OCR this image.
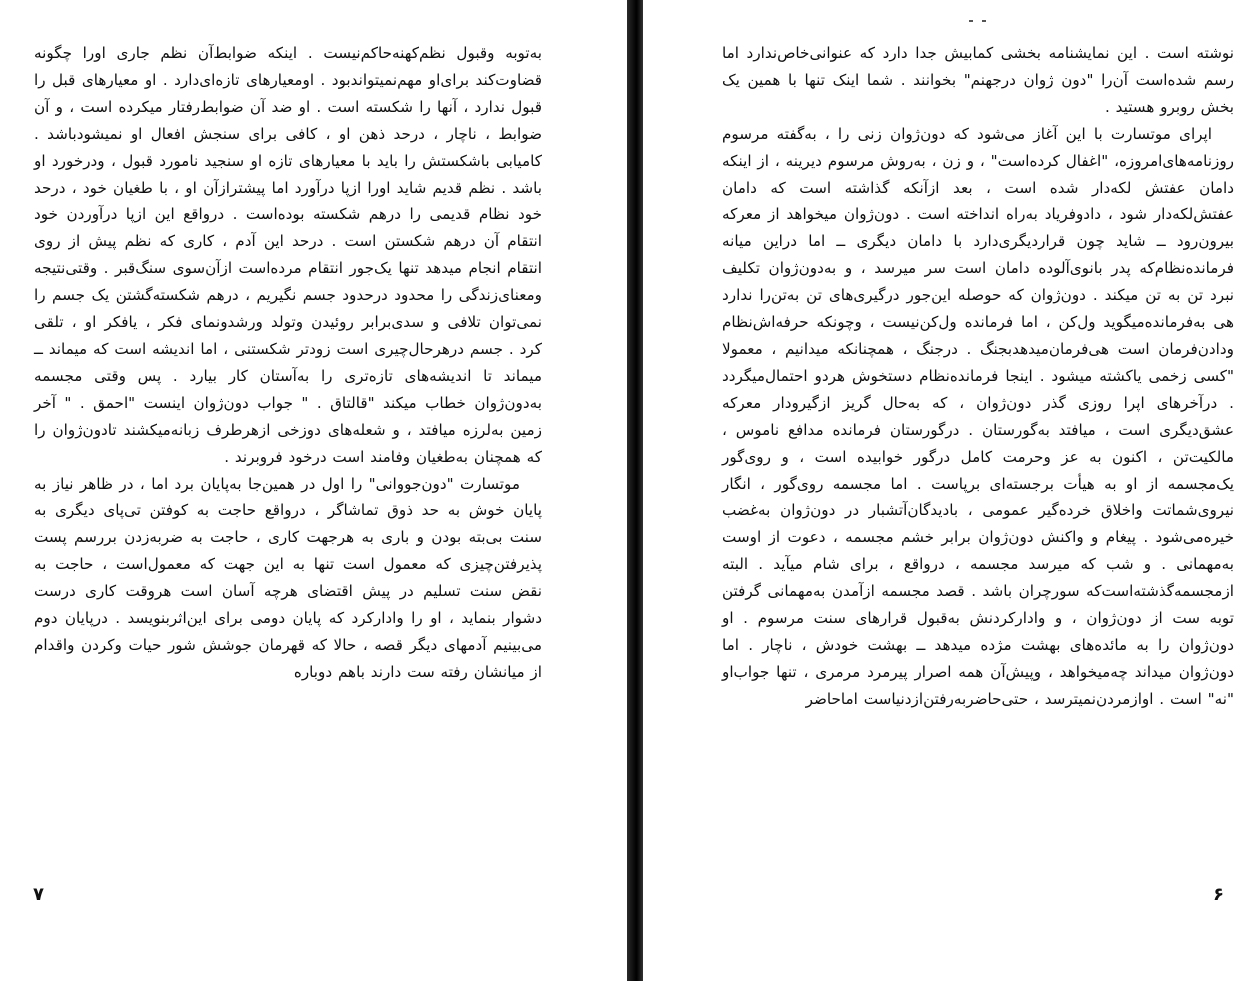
به‌توبه وقبول نظم‌کهنه‌حاکم‌نیست . اینکه ضوابط‌آن نظم جاری اورا چگونه قضاوت‌کند برای‌او مهم‌نمیتواندبود . اومعیارهای تازه‌ای‌دارد . او معیارهای قبل را قبول ندارد ، آنها را شکسته است . او ضد آن ضوابط‌رفتار میکرده است ، و آن ضوابط ، ناچار ، درحد ذهن او ، کافی برای سنجش افعال او نمیشودباشد . کامیابی باشکستش را باید با معیارهای تازه او سنجید نامورد قبول ، ودرخورد او باشد . نظم قدیم شاید اورا ازپا درآورد اما پیشترازآن او ، با طغیان خود ، درحد خود نظام قدیمی را درهم شکسته بوده‌است . درواقع این ازپا درآوردن خود انتقام آن درهم شکستن است . درحد این آدم ، کاری که نظم پیش از روی انتقام انجام میدهد تنها یک‌جور انتقام مرده‌است ازآن‌سوی سنگ‌قبر . وقتی‌نتیجه ومعنای‌زندگی را محدود درحدود جسم نگیریم ، درهم شکسته‌گشتن یک جسم را نمی‌توان تلافی و سدی‌برابر روئیدن وتولد ورشدونمای فکر ، یافکر او ، تلقی کرد . جسم درهرحال‌چیری است زودتر شکستنی ، اما اندیشه است که میماند ــ میماند تا اندیشه‌های تازه‌تری را به‌آستان کار بیارد . پس وقتی مجسمه به‌دون‌ژوان خطاب میکند "قالتاق . " جواب دون‌ژوان اینست "احمق . " آخر زمین به‌لرزه میافتد ، و شعله‌های دوزخی ازهرطرف زبانه‌میکشند تادون‌ژوان را که همچنان به‌طغیان وفامند است درخود فروبرند .

موتسارت "دون‌جووانی" را اول در همین‌جا به‌پایان برد اما ، در ظاهر نیاز به پایان خوش به حد ذوق تماشاگر ، درواقع حاجت به کوفتن تی‌پای دیگری به سنت بی‌بته بودن و باری به هرجهت کاری ، حاجت به ضربه‌زدن بررسم پست پذیرفتن‌چیزی که معمول است تنها به این جهت که معمول‌است ، حاجت به نقض سنت تسلیم در پیش اقتضای هرچه آسان است هروقت کاری درست دشوار بنماید ، او را وادارکرد که پایان دومی برای این‌اثربنویسد . درپایان دوم می‌بینیم آدمهای دیگر قصه ، حالا که قهرمان جوشش شور حیات وکردن واقدام از میانشان رفته ست دارند باهم دوباره

۷

نوشته است . این نمایشنامه بخشی کمابیش جدا دارد که عنوانی‌خاص‌ندارد اما رسم شده‌است آن‌را "دون ژوان درجهنم" بخوانند . شما اینک تنها با همین یک بخش روبرو هستید .

اپرای موتسارت با این آغاز می‌شود که دون‌ژوان زنی را ، به‌گفته مرسوم روزنامه‌های‌امروزه، "اغفال کرده‌است" ، و زن ، به‌روش مرسوم دیرینه ، از اینکه دامان عفتش لکه‌دار شده است ، بعد ازآنکه گذاشته است که دامان عفتش‌لکه‌دار شود ، دادوفریاد به‌راه انداخته است . دون‌ژوان میخواهد از معرکه بیرون‌رود ــ شاید چون قرارديگری‌دارد با دامان دیگری ــ اما دراین میانه فرمانده‌نظام‌که پدر بانوی‌آلوده دامان است سر میرسد ، و به‌دون‌ژوان تکلیف نبرد تن به تن میکند . دون‌ژوان که حوصله این‌جور درگیری‌های تن به‌تن‌را ندارد هی به‌فرمانده‌میگوید ول‌کن ، اما فرمانده ول‌کن‌نیست ، وچونکه حرفه‌اش‌نظام ودادن‌فرمان است هی‌فرمان‌میدهد‌بجنگ . درجنگ ، همچنانکه میدانیم ، معمولا "کسی زخمی یاکشته میشود . اینجا فرمانده‌نظام دستخوش هردو احتمال‌میگردد . درآخرهای اپرا روزی گذر دون‌ژوان ، که به‌حال گریز ازگیرودار معرکه عشق‌دیگری است ، میافتد به‌گورستان . درگورستان فرمانده مدافع ناموس ، مالکیت‌تن ، اکنون به عز وحرمت کامل درگور خوابیده است ، و روی‌گور یک‌مجسمه از او به هیأت برجسته‌ای برپاست . اما مجسمه روی‌گور ، انگار نیروی‌شماتت واخلاق خرده‌گیر عمومی ، بادیدگان‌آتشبار در دون‌ژوان به‌غضب خیره‌می‌شود . پیغام و واکنش دون‌ژوان برابر خشم مجسمه ، دعوت از اوست به‌مهمانی . و شب که میرسد مجسمه ، درواقع ، برای شام میآید . البته ازمجسمه‌گذشته‌است‌که سورچران باشد . قصد مجسمه ازآمدن به‌مهمانی گرفتن توبه ست از دون‌ژوان ، و وادارکردنش به‌قبول قرارهای سنت مرسوم . او دون‌ژوان را به مائده‌های بهشت مژده میدهد ــ بهشت خودش ، ناچار . اما دون‌ژوان میداند چه‌میخواهد ، وپیش‌آن همه اصرار پیرمرد مرمری ، تنها جواب‌او "نه" است . اوازمردن‌نمیترسد ، حتی‌حاضربه‌رفتن‌ازدنیاست اماحاضر

۶
